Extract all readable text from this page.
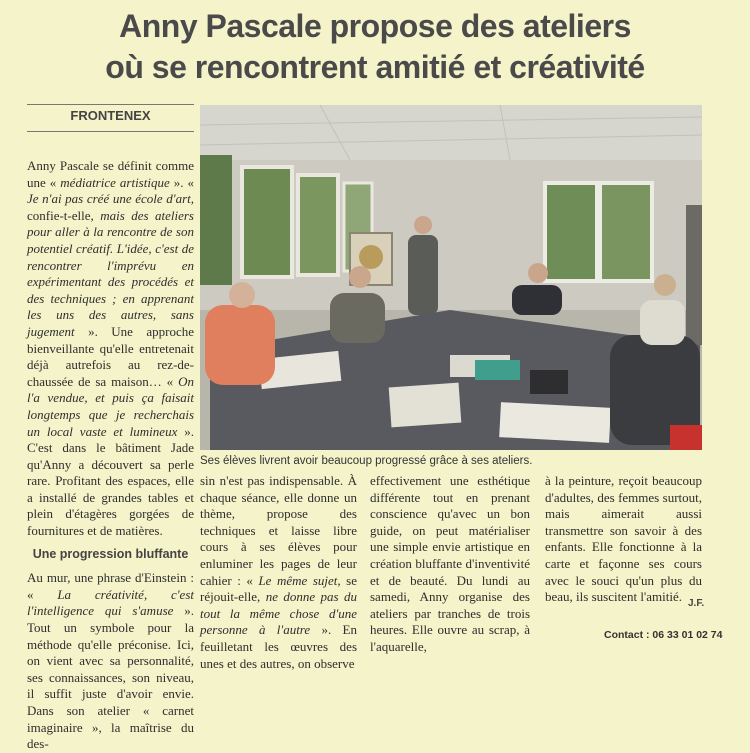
Anny Pascale propose des ateliers
où se rencontrent amitié et créativité
FRONTENEX
Ses élèves livrent avoir beaucoup progressé grâce à ses ateliers.

Anny Pascale se définit comme une « médiatrice artistique ». « Je n'ai pas créé une école d'art, confie-t-elle, mais des ateliers pour aller à la rencontre de son potentiel créatif. L'idée, c'est de rencontrer l'imprévu en expérimentant des procédés et des techniques ; en apprenant les uns des autres, sans jugement ». Une approche bienveillante qu'elle entretenait déjà autrefois au rez-de-chaussée de sa maison… « On l'a vendue, et puis ça faisait longtemps que je recherchais un local vaste et lumineux ». C'est dans le bâtiment Jade qu'Anny a découvert sa perle rare. Profitant des espaces, elle a installé de grandes tables et plein d'étagères gorgées de fournitures et de matières.

Une progression bluffante

Au mur, une phrase d'Einstein : « La créativité, c'est l'intelligence qui s'amuse ». Tout un symbole pour la méthode qu'elle préconise. Ici, on vient avec sa personnalité, ses connaissances, son niveau, il suffit juste d'avoir envie. Dans son atelier « carnet imaginaire », la maîtrise du des-

sin n'est pas indispensable. À chaque séance, elle donne un thème, propose des techniques et laisse libre cours à ses élèves pour enluminer les pages de leur cahier : « Le même sujet, se réjouit-elle, ne donne pas du tout la même chose d'une personne à l'autre ». En feuilletant les œuvres des unes et des autres, on observe

effectivement une esthétique différente tout en prenant conscience qu'avec un bon guide, on peut matérialiser une simple envie artistique en création bluffante d'inventivité et de beauté. Du lundi au samedi, Anny organise des ateliers par tranches de trois heures. Elle ouvre au scrap, à l'aquarelle,

à la peinture, reçoit beaucoup d'adultes, des femmes surtout, mais aimerait aussi transmettre son savoir à des enfants. Elle fonctionne à la carte et façonne ses cours avec le souci qu'un plus du beau, ils suscitent l'amitié. J.F.
Contact : 06 33 01 02 74
